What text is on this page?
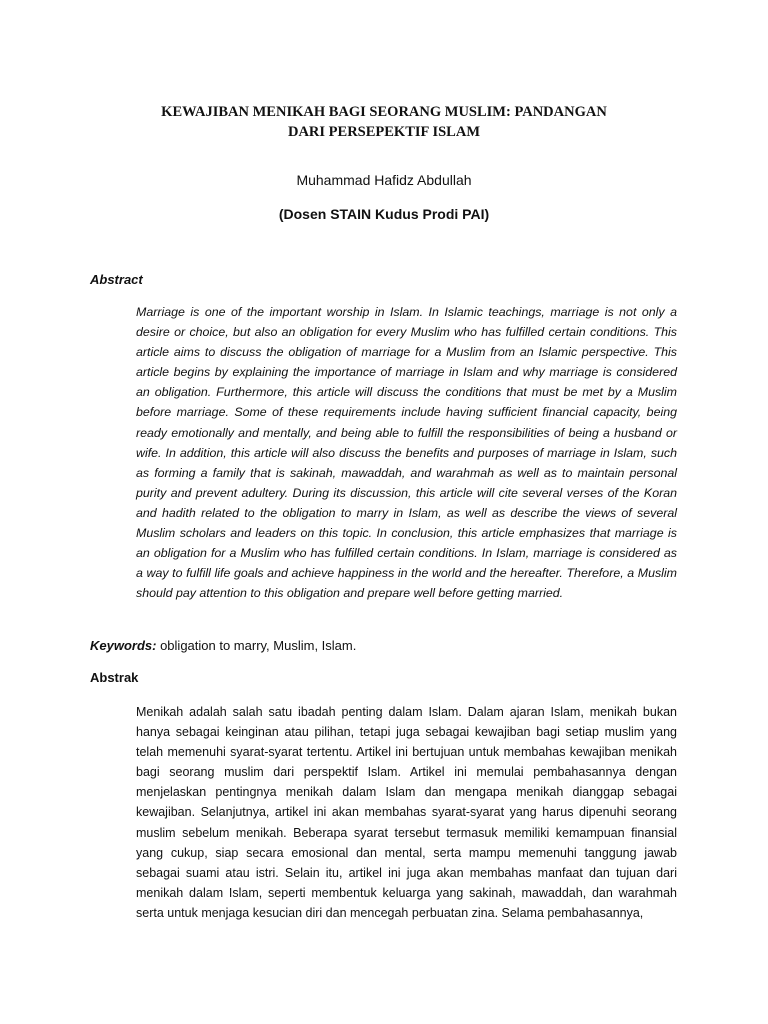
KEWAJIBAN MENIKAH BAGI SEORANG MUSLIM: PANDANGAN DARI PERSEPEKTIF ISLAM
Muhammad Hafidz Abdullah
(Dosen STAIN Kudus Prodi PAI)
Abstract

Marriage is one of the important worship in Islam. In Islamic teachings, marriage is not only a desire or choice, but also an obligation for every Muslim who has fulfilled certain conditions. This article aims to discuss the obligation of marriage for a Muslim from an Islamic perspective. This article begins by explaining the importance of marriage in Islam and why marriage is considered an obligation. Furthermore, this article will discuss the conditions that must be met by a Muslim before marriage. Some of these requirements include having sufficient financial capacity, being ready emotionally and mentally, and being able to fulfill the responsibilities of being a husband or wife. In addition, this article will also discuss the benefits and purposes of marriage in Islam, such as forming a family that is sakinah, mawaddah, and warahmah as well as to maintain personal purity and prevent adultery. During its discussion, this article will cite several verses of the Koran and hadith related to the obligation to marry in Islam, as well as describe the views of several Muslim scholars and leaders on this topic. In conclusion, this article emphasizes that marriage is an obligation for a Muslim who has fulfilled certain conditions. In Islam, marriage is considered as a way to fulfill life goals and achieve happiness in the world and the hereafter. Therefore, a Muslim should pay attention to this obligation and prepare well before getting married.

Keywords: obligation to marry, Muslim, Islam.
Abstrak

Menikah adalah salah satu ibadah penting dalam Islam. Dalam ajaran Islam, menikah bukan hanya sebagai keinginan atau pilihan, tetapi juga sebagai kewajiban bagi setiap muslim yang telah memenuhi syarat-syarat tertentu. Artikel ini bertujuan untuk membahas kewajiban menikah bagi seorang muslim dari perspektif Islam. Artikel ini memulai pembahasannya dengan menjelaskan pentingnya menikah dalam Islam dan mengapa menikah dianggap sebagai kewajiban. Selanjutnya, artikel ini akan membahas syarat-syarat yang harus dipenuhi seorang muslim sebelum menikah. Beberapa syarat tersebut termasuk memiliki kemampuan finansial yang cukup, siap secara emosional dan mental, serta mampu memenuhi tanggung jawab sebagai suami atau istri. Selain itu, artikel ini juga akan membahas manfaat dan tujuan dari menikah dalam Islam, seperti membentuk keluarga yang sakinah, mawaddah, dan warahmah serta untuk menjaga kesucian diri dan mencegah perbuatan zina. Selama pembahasannya,
